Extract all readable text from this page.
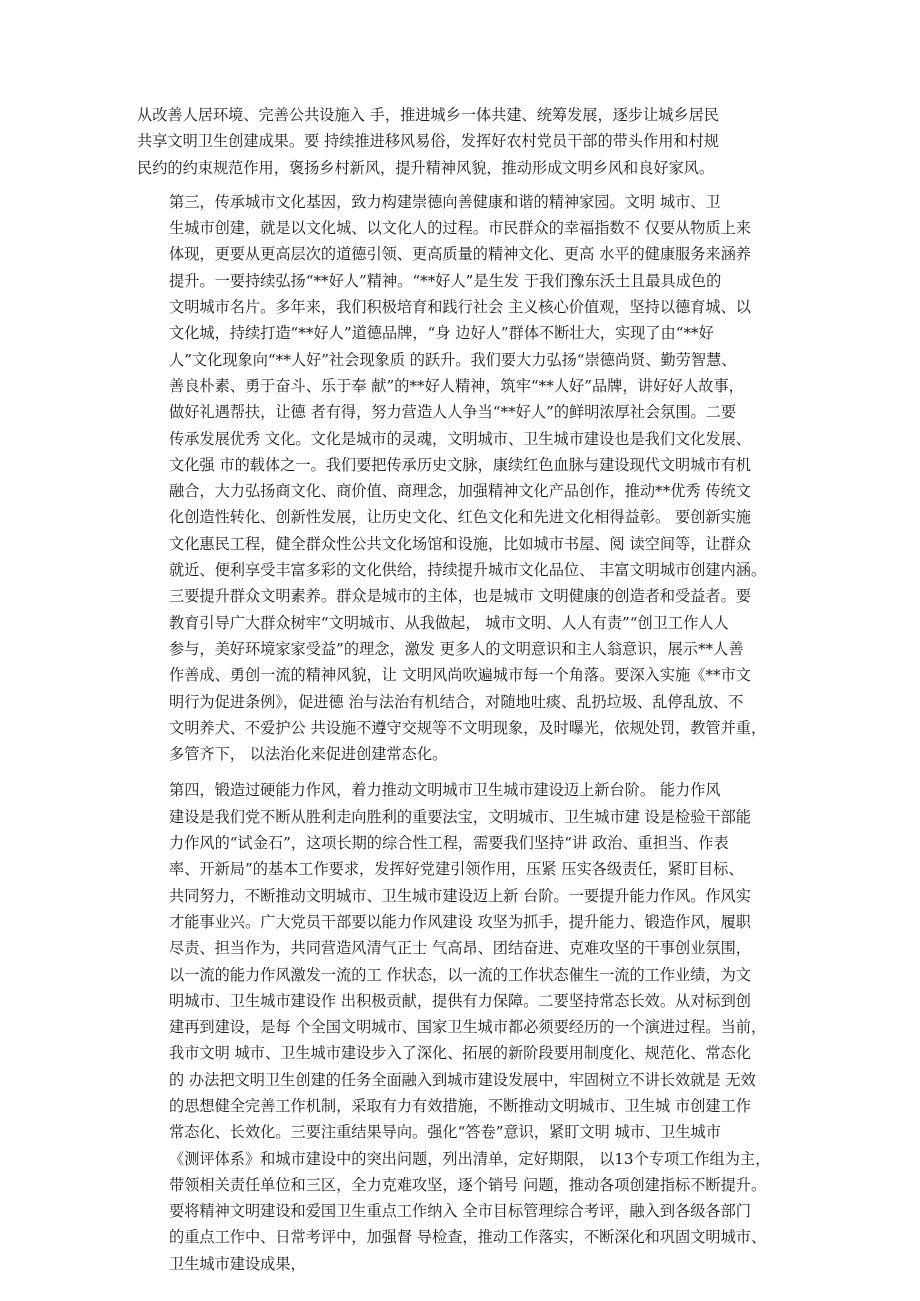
从改善人居环境、完善公共设施入 手，推进城乡一体共建、统筹发展，逐步让城乡居民
共享文明卫生创建成果。要 持续推进移风易俗，发挥好农村党员干部的带头作用和村规
民约的约束规范作用，褒扬乡村新风，提升精神风貌，推动形成文明乡风和良好家风。

第三，传承城市文化基因，致力构建崇德向善健康和谐的精神家园。文明 城市、卫
生城市创建，就是以文化城、以文化人的过程。市民群众的幸福指数不 仅要从物质上来
体现，更要从更高层次的道德引领、更高质量的精神文化、更高 水平的健康服务来涵养
提升。一要持续弘扬“**好人”精神。“**好人”是生发 于我们豫东沃土且最具成色的
文明城市名片。多年来，我们积极培育和践行社会 主义核心价值观，坚持以德育城、以
文化城，持续打造“**好人”道德品牌，“身 边好人”群体不断壮大，实现了由“**好
人”文化现象向“**人好”社会现象质 的跃升。我们要大力弘扬“崇德尚贤、勤劳智慧、
善良朴素、勇于奋斗、乐于奉 献”的**好人精神，筑牢“**人好”品牌，讲好好人故事，
做好礼遇帮扶，让德 者有得，努力营造人人争当“**好人”的鲜明浓厚社会氛围。二要
传承发展优秀 文化。文化是城市的灵魂，文明城市、卫生城市建设也是我们文化发展、
文化强 市的载体之一。我们要把传承历史文脉，康续红色血脉与建设现代文明城市有机
融合，大力弘扬商文化、商价值、商理念，加强精神文化产品创作，推动**优秀 传统文
化创造性转化、创新性发展，让历史文化、红色文化和先进文化相得益彰。 要创新实施
文化惠民工程，健全群众性公共文化场馆和设施，比如城市书屋、阅 读空间等，让群众
就近、便利享受丰富多彩的文化供给，持续提升城市文化品位、 丰富文明城市创建内涵。
三要提升群众文明素养。群众是城市的主体，也是城市 文明健康的创造者和受益者。要
教育引导广大群众树牢“文明城市、从我做起， 城市文明、人人有责”“创卫工作人人
参与，美好环境家家受益”的理念，激发 更多人的文明意识和主人翁意识，展示**人善
作善成、勇创一流的精神风貌，让 文明风尚吹遍城市每一个角落。要深入实施《**市文
明行为促进条例》，促进德 治与法治有机结合，对随地吐痰、乱扔垃圾、乱停乱放、不
文明养犬、不爱护公 共设施不遵守交规等不文明现象，及时曝光，依规处罚，教管并重，
多管齐下， 以法治化来促进创建常态化。

第四，锻造过硬能力作风，着力推动文明城市卫生城市建设迈上新台阶。 能力作风
建设是我们党不断从胜利走向胜利的重要法宝，文明城市、卫生城市建 设是检验干部能
力作风的“试金石”，这项长期的综合性工程，需要我们坚持“讲 政治、重担当、作表
率、开新局”的基本工作要求，发挥好党建引领作用，压紧 压实各级责任，紧盯目标、
共同努力，不断推动文明城市、卫生城市建设迈上新 台阶。一要提升能力作风。作风实
才能事业兴。广大党员干部要以能力作风建设 攻坚为抓手，提升能力、锻造作风，履职
尽责、担当作为，共同营造风清气正士 气高昂、团结奋进、克难攻坚的干事创业氛围，
以一流的能力作风激发一流的工 作状态，以一流的工作状态催生一流的工作业绩，为文
明城市、卫生城市建设作 出积极贡献，提供有力保障。二要坚持常态长效。从对标到创
建再到建设，是每 个全国文明城市、国家卫生城市都必须要经历的一个演进过程。当前，
我市文明 城市、卫生城市建设步入了深化、拓展的新阶段要用制度化、规范化、常态化
的 办法把文明卫生创建的任务全面融入到城市建设发展中，牢固树立不讲长效就是 无效
的思想健全完善工作机制，采取有力有效措施，不断推动文明城市、卫生城 市创建工作
常态化、长效化。三要注重结果导向。强化“答卷”意识，紧盯文明 城市、卫生城市
《测评体系》和城市建设中的突出问题，列出清单，定好期限， 以13个专项工作组为主，
带领相关责任单位和三区，全力克难攻坚，逐个销号 问题，推动各项创建指标不断提升。
要将精神文明建设和爱国卫生重点工作纳入 全市目标管理综合考评，融入到各级各部门
的重点工作中、日常考评中，加强督 导检查，推动工作落实，不断深化和巩固文明城市、
卫生城市建设成果，
